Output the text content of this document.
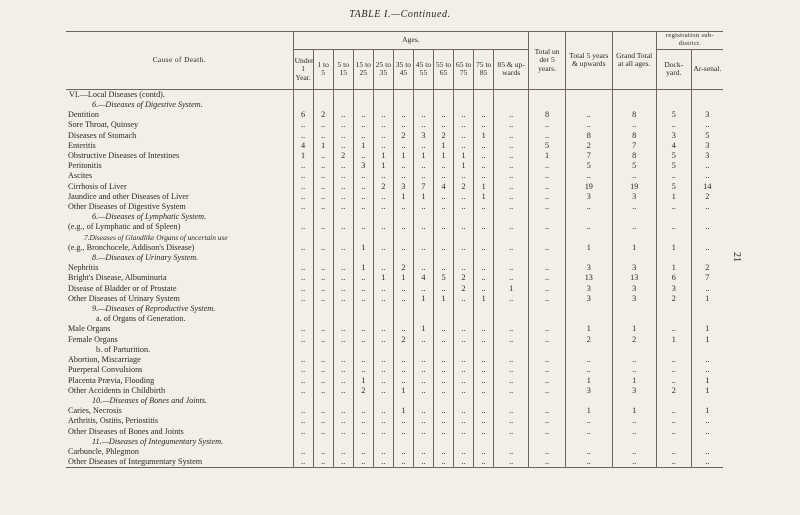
TABLE I.—Continued.
Cause of Death.	Ages.											Total un der 5 years.	Total 5 years & upwards	Grand Total at all ages.	registration sub-district.	
	Under 1 Year.	1 to 5	5 to 15	15 to 25	25 to 35	35 to 45	45 to 55	55 to 65	65 to 75	75 to 85	85 & up-wards				Dock-yard.	Ar-senal.
VI.—Local Diseases (contd).																
6.—Diseases of Digestive System.																
Dentition	6	2	..	..	..	..	..	..	..	..	..	8	..	8	5	3
Sore Throat, Quinsey	..	..	..	..	..	..	..	..	..	..	..	..	..	..	..	..
Diseases of Stomach	..	..	..	..	..	2	3	2	..	1	..	..	8	8	3	5
Enteritis	4	1	..	1	..	..	..	1	..	..	..	5	2	7	4	3
Obstructive Diseases of Intestines	1	..	2	..	1	1	1	1	1	..	..	1	7	8	5	3
Peritonitis	..	..	..	3	1	..	..	..	1	..	..	..	5	5	5	..
Ascites	..	..	..	..	..	..	..	..	..	..	..	..	..	..	..	..
Cirrhosis of Liver	..	..	..	..	2	3	7	4	2	1	..	..	19	19	5	14
Jaundice and other Diseases of Liver	..	..	..	..	..	1	1	..	..	1	..	..	3	3	1	2
Other Diseases of Digestive System	..	..	..	..	..	..	..	..	..	..	..	..	..	..	..	..
6.—Diseases of Lymphatic System.																
(e.g., of Lymphatic and of Spleen)	..	..	..	..	..	..	..	..	..	..	..	..	..	..	..	..
7.Diseases of Glandlike Organs of uncertain use																
(e.g., Bronchocele, Addison's Disease)	..	..	..	1	..	..	..	..	..	..	..	..	1	1	1	..
8.—Diseases of Urinary System.																
Nephritis	..	..	..	1	..	2	..	..	..	..	..	..	3	3	1	2
Bright's Disease, Albuminuria	..	..	..	..	1	1	4	5	2	..	..	..	13	13	6	7
Disease of Bladder or of Prostate	..	..	..	..	..	..	..	..	2	..	1	..	3	3	3	..
Other Diseases of Urinary System	..	..	..	..	..	..	1	1	..	1	..	..	3	3	2	1
9.—Diseases of Reproductive System.																
a. of Organs of Generation.																
Male Organs	..	..	..	..	..	..	1	..	..	..	..	..	1	1	..	1
Female Organs	..	..	..	..	..	2	..	..	..	..	..	..	2	2	1	1
b. of Parturition.																
Abortion, Miscarriage	..	..	..	..	..	..	..	..	..	..	..	..	..	..	..	..
Puerperal Convulsions	..	..	..	..	..	..	..	..	..	..	..	..	..	..	..	..
Placenta Prævia, Flooding	..	..	..	1	..	..	..	..	..	..	..	..	1	1	..	1
Other Accidents in Childbirth	..	..	..	2	..	1	..	..	..	..	..	..	3	3	2	1
10.—Diseases of Bones and Joints.																
Caries, Necrosis	..	..	..	..	..	1	..	..	..	..	..	..	1	1	..	1
Arthritis, Ostitis, Periostitis	..	..	..	..	..	..	..	..	..	..	..	..	..	..	..	..
Other Diseases of Bones and Joints	..	..	..	..	..	..	..	..	..	..	..	..	..	..	..	..
11.—Diseases of Integumentary System.																
Carbuncle, Phlegmon	..	..	..	..	..	..	..	..	..	..	..	..	..	..	..	..
Other Diseases of Integumentary System	..	..	..	..	..	..	..	..	..	..	..	..	..	..	..	..
21
